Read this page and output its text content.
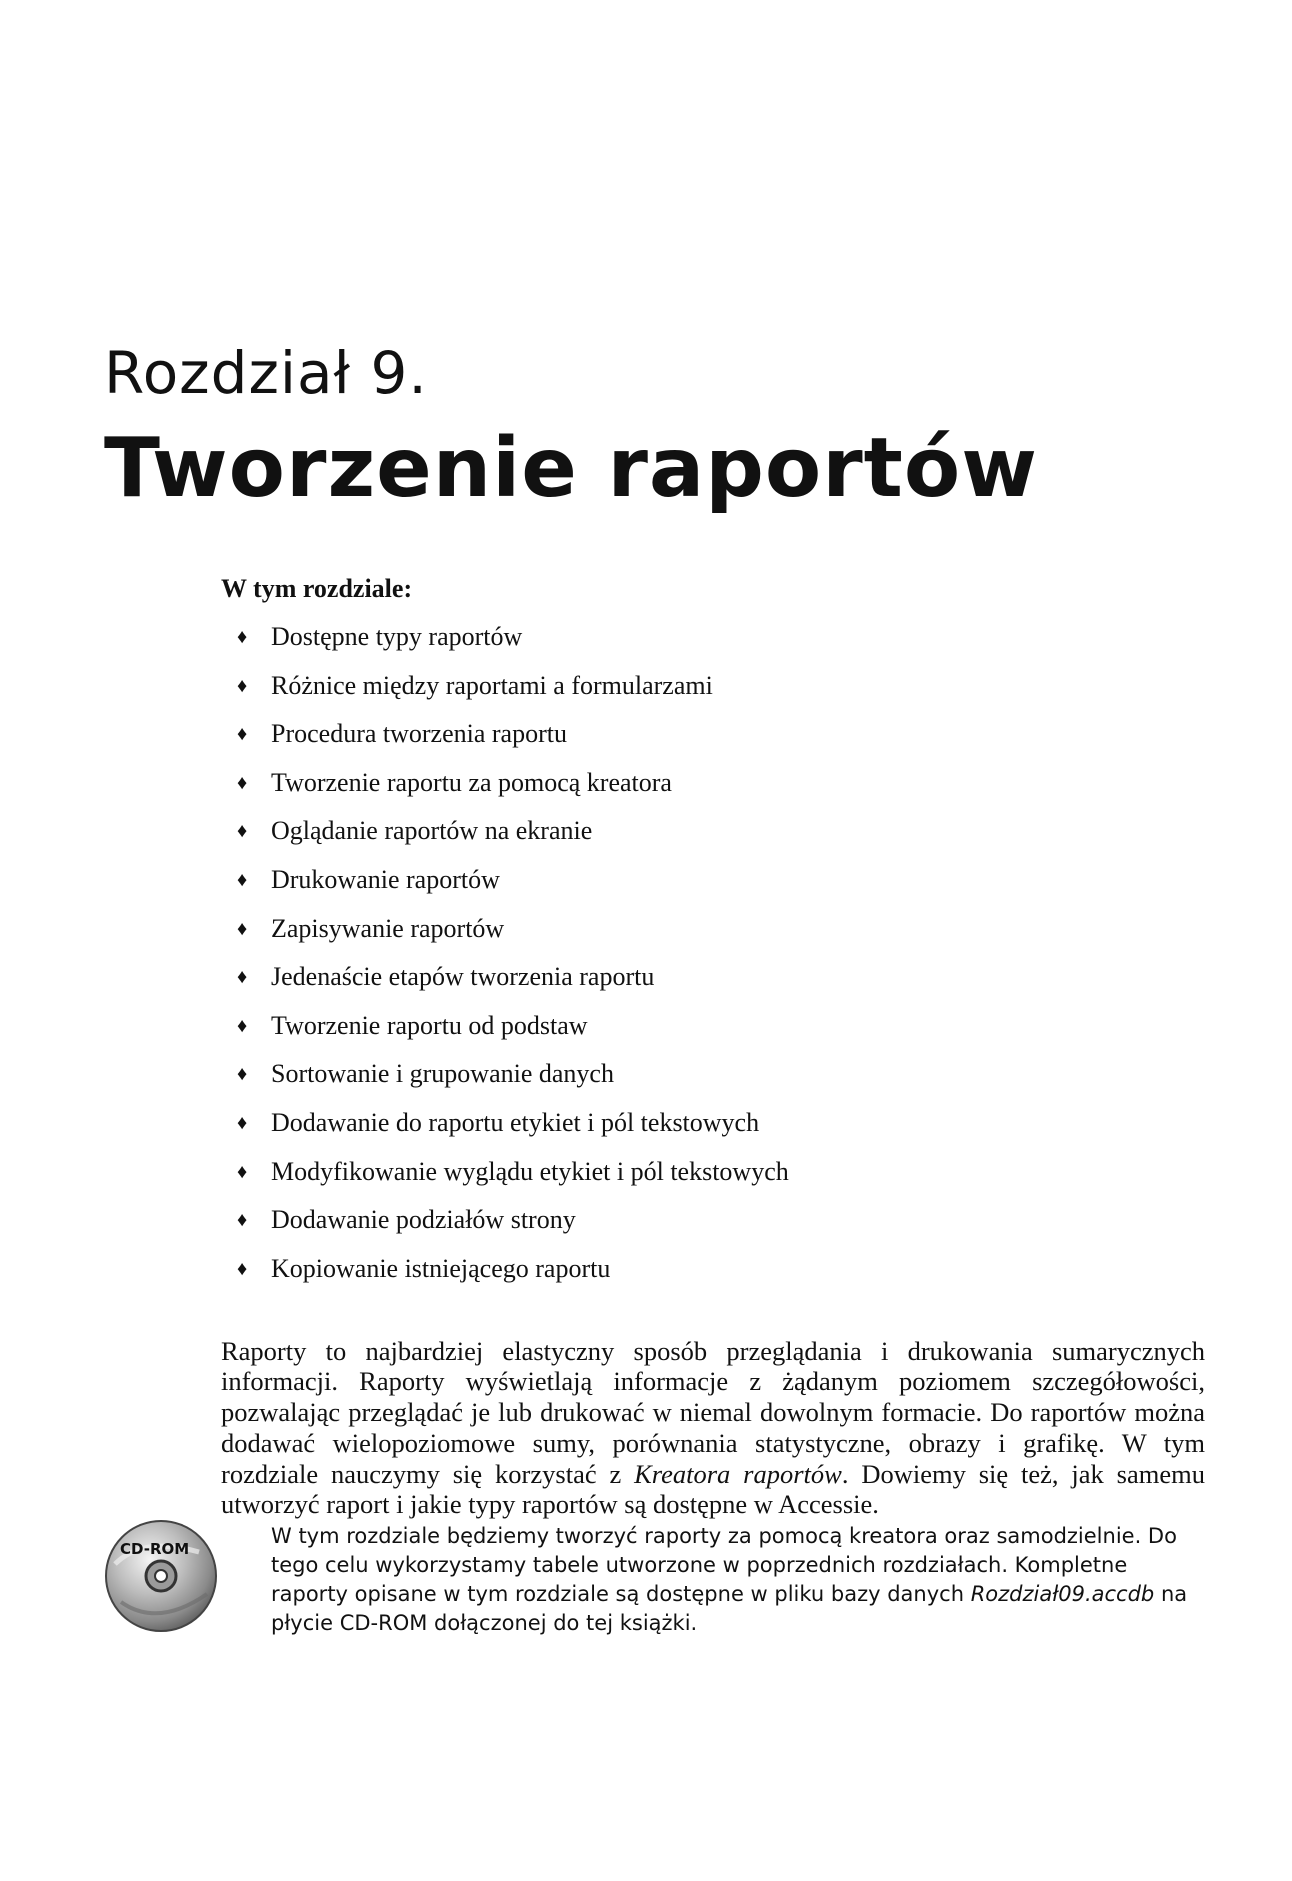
Rozdział 9.
Tworzenie raportów
W tym rozdziale:
♦ Dostępne typy raportów
♦ Różnice między raportami a formularzami
♦ Procedura tworzenia raportu
♦ Tworzenie raportu za pomocą kreatora
♦ Oglądanie raportów na ekranie
♦ Drukowanie raportów
♦ Zapisywanie raportów
♦ Jedenaście etapów tworzenia raportu
♦ Tworzenie raportu od podstaw
♦ Sortowanie i grupowanie danych
♦ Dodawanie do raportu etykiet i pól tekstowych
♦ Modyfikowanie wyglądu etykiet i pól tekstowych
♦ Dodawanie podziałów strony
♦ Kopiowanie istniejącego raportu

Raporty to najbardziej elastyczny sposób przeglądania i drukowania sumarycznych informacji. Raporty wyświetlają informacje z żądanym poziomem szczegółowości, pozwalając przeglądać je lub drukować w niemal dowolnym formacie. Do raportów można dodawać wielopoziomowe sumy, porównania statystyczne, obrazy i grafikę. W tym rozdziale nauczymy się korzystać z Kreatora raportów. Dowiemy się też, jak samemu utworzyć raport i jakie typy raportów są dostępne w Accessie.

CD-ROM
W tym rozdziale będziemy tworzyć raporty za pomocą kreatora oraz samodzielnie. Do tego celu wykorzystamy tabele utworzone w poprzednich rozdziałach. Kompletne raporty opisane w tym rozdziale są dostępne w pliku bazy danych Rozdział09.accdb na płycie CD-ROM dołączonej do tej książki.
